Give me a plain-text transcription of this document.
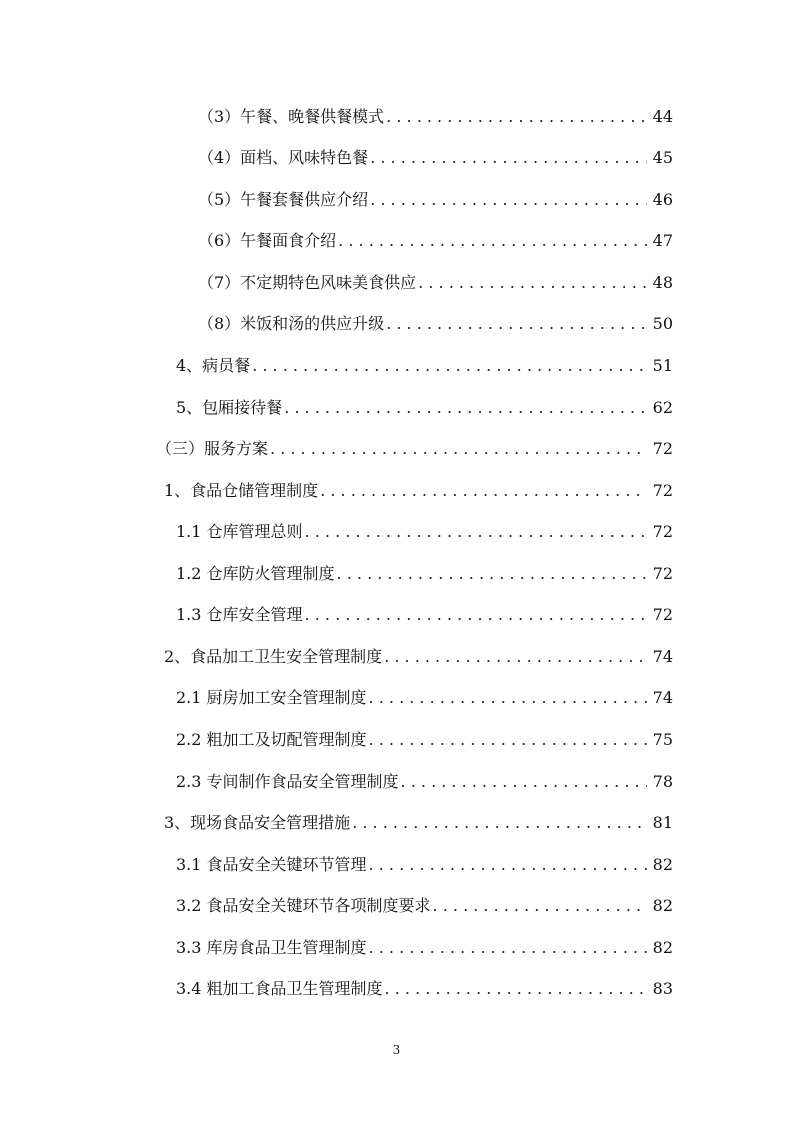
（3）午餐、晚餐供餐模式 . . .	44
（4）面档、风味特色餐 . . .	45
（5）午餐套餐供应介绍 . . .	46
（6）午餐面食介绍 . . .	47
（7）不定期特色风味美食供应 . . .	48
（8）米饭和汤的供应升级 . . .	50
4、病员餐 . . .	51
5、包厢接待餐 . . .	62
（三）服务方案 . . .	72
1、食品仓储管理制度 . . .	72
1.1 仓库管理总则 . . .	72
1.2 仓库防火管理制度 . . .	72
1.3 仓库安全管理 . . .	72
2、食品加工卫生安全管理制度 . . .	74
2.1 厨房加工安全管理制度 . . .	74
2.2 粗加工及切配管理制度 . . .	75
2.3 专间制作食品安全管理制度 . . .	78
3、现场食品安全管理措施 . . .	81
3.1 食品安全关键环节管理 . . .	82
3.2 食品安全关键环节各项制度要求 . . .	82
3.3 库房食品卫生管理制度 . . .	82
3.4 粗加工食品卫生管理制度 . . .	83
3
